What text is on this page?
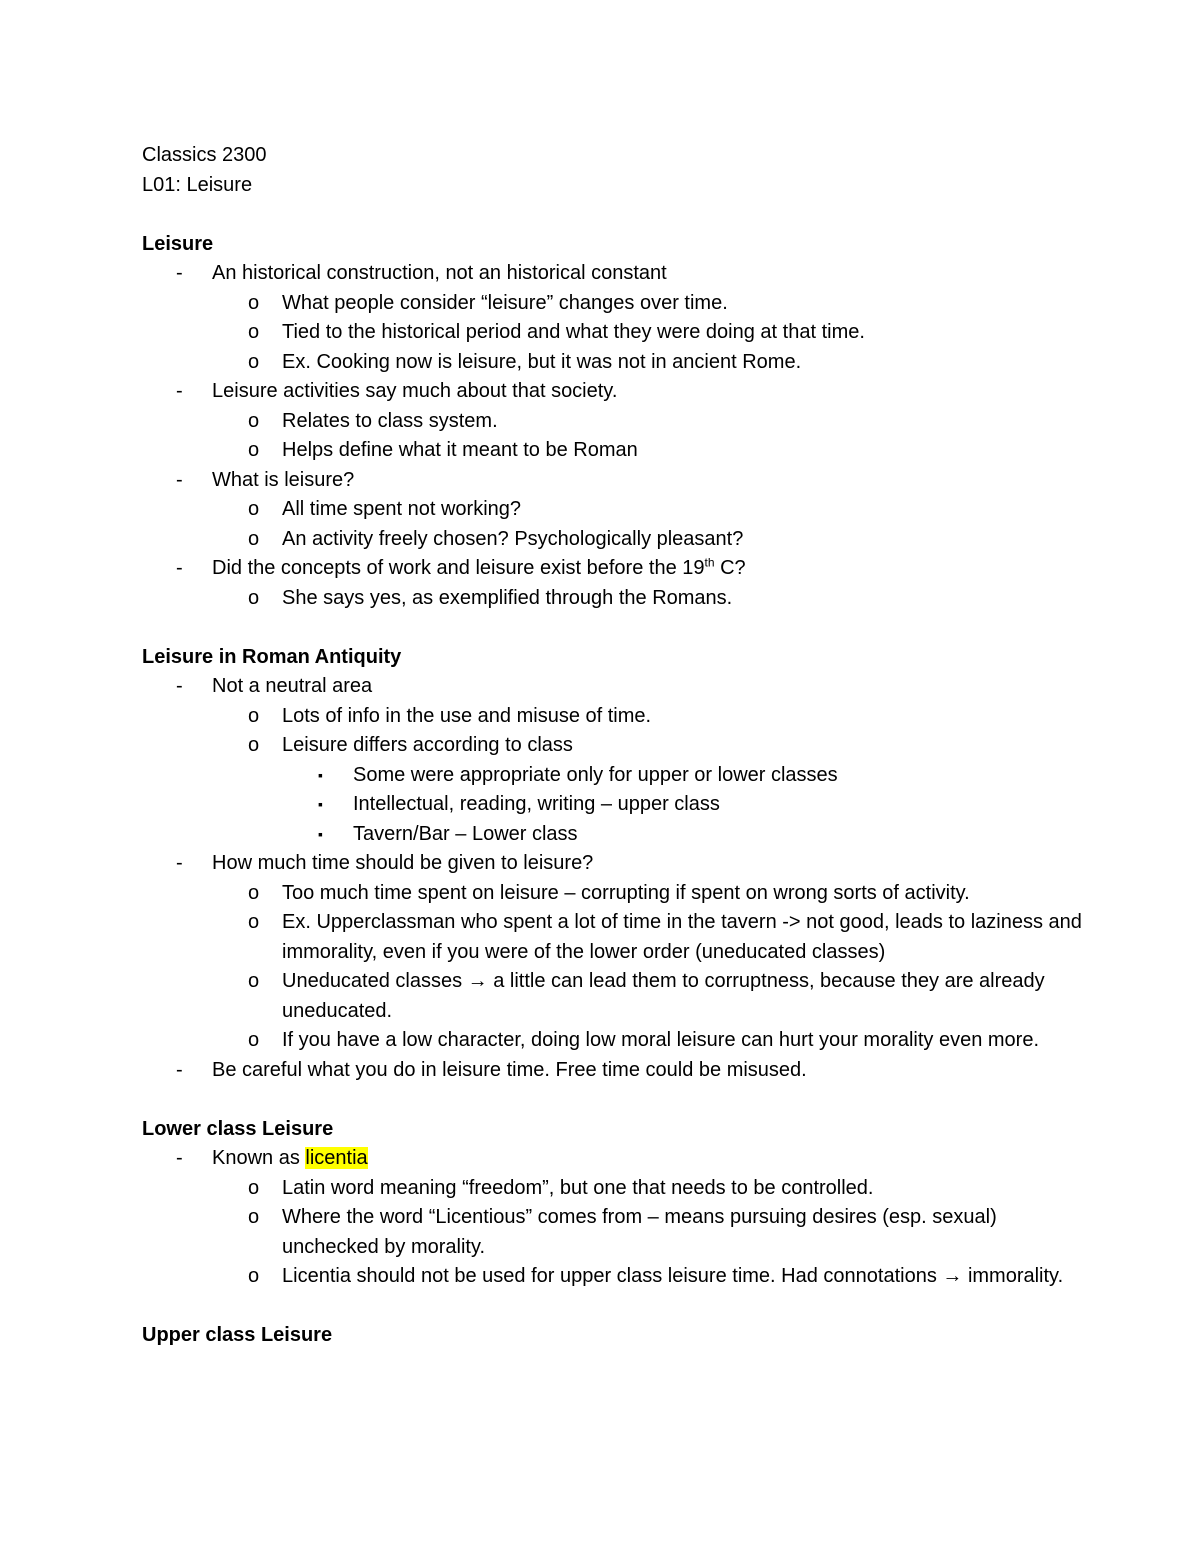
Classics 2300
L01: Leisure
Leisure
- An historical construction, not an historical constant
o What people consider “leisure” changes over time.
o Tied to the historical period and what they were doing at that time.
o Ex. Cooking now is leisure, but it was not in ancient Rome.
- Leisure activities say much about that society.
o Relates to class system.
o Helps define what it meant to be Roman
- What is leisure?
o All time spent not working?
o An activity freely chosen? Psychologically pleasant?
- Did the concepts of work and leisure exist before the 19th C?
o She says yes, as exemplified through the Romans.
Leisure in Roman Antiquity
- Not a neutral area
o Lots of info in the use and misuse of time.
o Leisure differs according to class
▪ Some were appropriate only for upper or lower classes
▪ Intellectual, reading, writing – upper class
▪ Tavern/Bar – Lower class
- How much time should be given to leisure?
o Too much time spent on leisure – corrupting if spent on wrong sorts of activity.
o Ex. Upperclassman who spent a lot of time in the tavern -> not good, leads to laziness and immorality, even if you were of the lower order (uneducated classes)
o Uneducated classes → a little can lead them to corruptness, because they are already uneducated.
o If you have a low character, doing low moral leisure can hurt your morality even more.
- Be careful what you do in leisure time. Free time could be misused.
Lower class Leisure
- Known as licentia
o Latin word meaning “freedom”, but one that needs to be controlled.
o Where the word “Licentious” comes from – means pursuing desires (esp. sexual) unchecked by morality.
o Licentia should not be used for upper class leisure time. Had connotations → immorality.
Upper class Leisure
